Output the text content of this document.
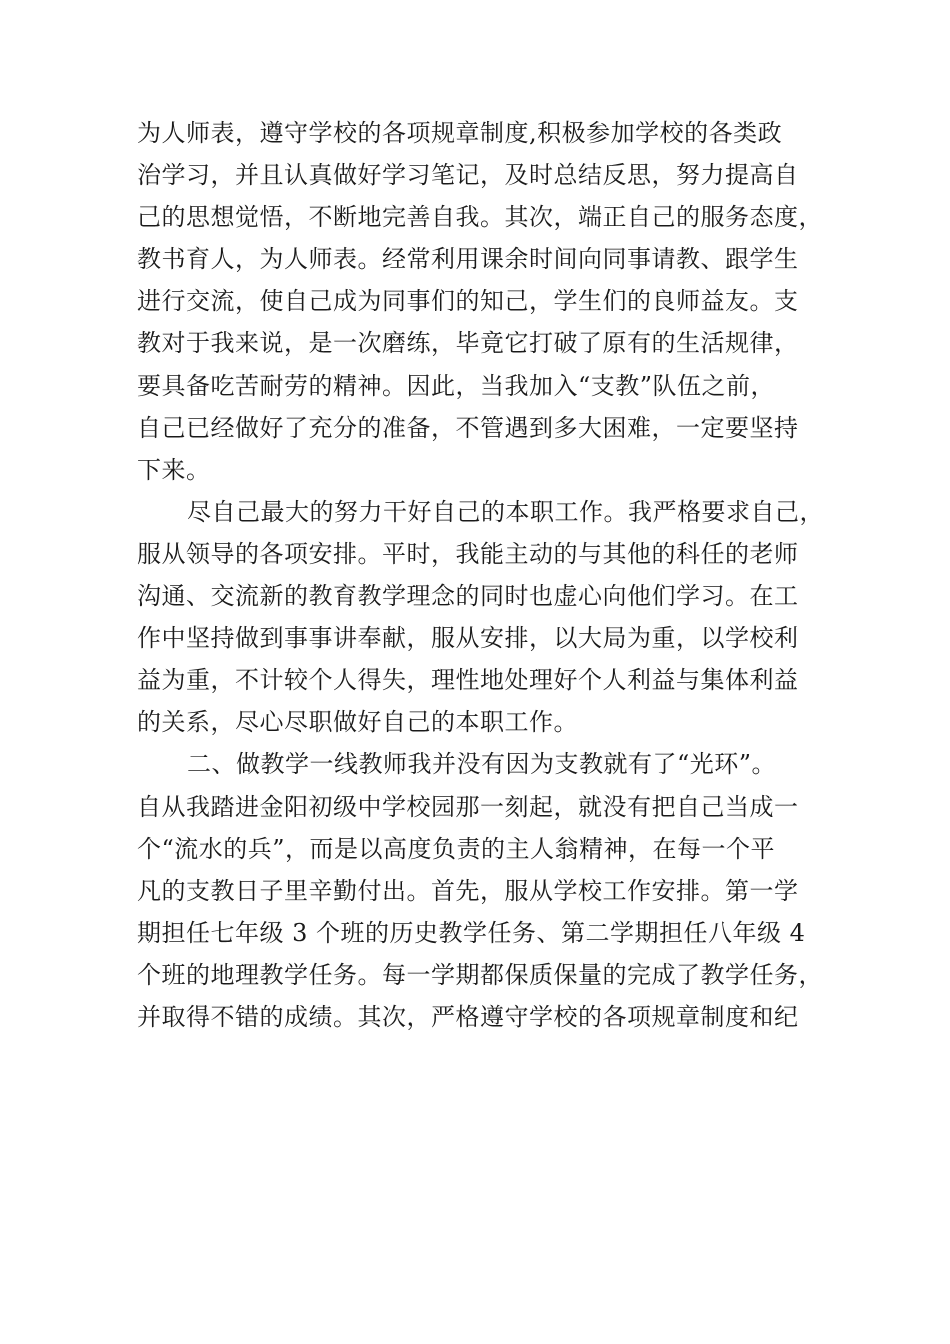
为人师表，遵守学校的各项规章制度,积极参加学校的各类政
治学习，并且认真做好学习笔记，及时总结反思，努力提高自
己的思想觉悟，不断地完善自我。其次，端正自己的服务态度，
教书育人，为人师表。经常利用课余时间向同事请教、跟学生
进行交流，使自己成为同事们的知己，学生们的良师益友。支
教对于我来说，是一次磨练，毕竟它打破了原有的生活规律，
要具备吃苦耐劳的精神。因此，当我加入“支教”队伍之前，
自己已经做好了充分的准备，不管遇到多大困难，一定要坚持
下来。
尽自己最大的努力干好自己的本职工作。我严格要求自己，
服从领导的各项安排。平时，我能主动的与其他的科任的老师
沟通、交流新的教育教学理念的同时也虚心向他们学习。在工
作中坚持做到事事讲奉献，服从安排，以大局为重，以学校利
益为重，不计较个人得失，理性地处理好个人利益与集体利益
的关系，尽心尽职做好自己的本职工作。
二、做教学一线教师我并没有因为支教就有了“光环”。
自从我踏进金阳初级中学校园那一刻起，就没有把自己当成一
个“流水的兵”，而是以高度负责的主人翁精神，在每一个平
凡的支教日子里辛勤付出。首先，服从学校工作安排。第一学
期担任七年级 3 个班的历史教学任务、第二学期担任八年级 4
个班的地理教学任务。每一学期都保质保量的完成了教学任务，
并取得不错的成绩。其次，严格遵守学校的各项规章制度和纪
